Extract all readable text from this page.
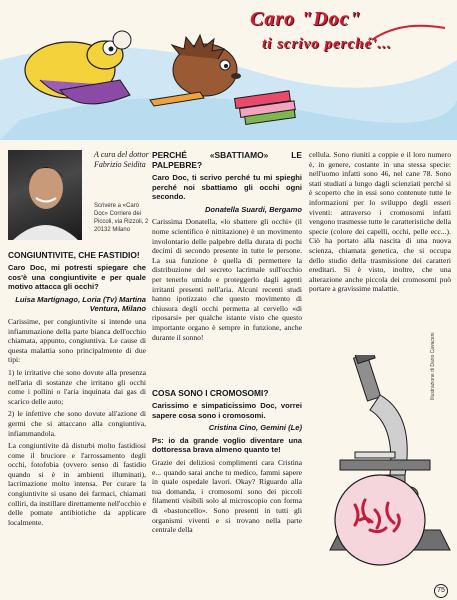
Caro "Doc"
ti scrivo perché'...
A cura del dottor Fabrizio Seidita
Scrivere a «Caro Doc» Corriere dei Piccoli, via Rizzoli, 2
20132 Milano

CONGIUNTIVITE, CHE FASTIDIO!

Caro Doc, mi potresti spiegare che cos'è una congiuntivite e per quale motivo attacca gli occhi?

Luisa Martignago, Loria (Tv) Martina Ventura, Milano

Carissime, per congiuntivite si intende una infiammazione della parte bianca dell'occhio chiamata, appunto, congiuntiva. Le cause di questa malattia sono principalmente di due tipi:

1) le irritative che sono dovute alla presenza nell'aria di sostanze che irritano gli occhi come i pollini o l'aria inquinata dai gas di scarico delle auto;

2) le infettive che sono dovute all'azione di germi che si attaccano alla congiuntiva, infiammandola.

La congiuntivite dà disturbi molto fastidiosi come il bruciore e l'arrossamento degli occhi, fotofobia (ovvero senso di fastidio quando si è in ambienti illuminati), lacrimazione molto intensa. Per curare la congiuntivite si usano dei farmaci, chiamati colliri, da instillare direttamente nell'occhio e delle pomate antibiotiche da applicare localmente.

PERCHÉ «SBATTIAMO» LE PALPEBRE?

Caro Doc, ti scrivo perché tu mi spieghi perché noi sbattiamo gli occhi ogni secondo.

Donatella Suardi, Bergamo

Carissima Donatella, «lo sbattere gli occhi» (il nome scientifico è nittitazione) è un movimento involontario delle palpebre della durata di pochi decimi di secondo presente in tutte le persone. La sua funzione è quella di permettere la distribuzione del secreto lacrimale sull'occhio per tenerlo umido e proteggerlo dagli agenti irritanti presenti nell'aria. Alcuni recenti studi hanno ipotizzato che questo movimento di chiusura degli occhi permetta al cervello «di riposarsi» per qualche istante visto che questo importante organo è sempre in funzione, anche durante il sonno!

COSA SONO I CROMOSOMI?

Carissimo e simpaticissimo Doc, vorrei sapere cosa sono i cromosomi.

Cristina Cino, Gemini (Le)

Ps: io da grande voglio diventare una dottoressa brava almeno quanto te!

Grazie dei deliziosi complimenti cara Cristina e... quando sarai anche tu medico, fammi sapere in quale ospedale lavori. Okay? Riguardo alla tua domanda, i cromosomi sono dei piccoli filamenti visibili solo al microscopio con forma di «bastoncello». Sono presenti in tutti gli organismi viventi e si trovano nella parte centrale della

cellula. Sono riuniti a coppie e il loro numero è, in genere, costante in una stessa specie: nell'uomo infatti sono 46, nel cane 78. Sono stati studiati a lungo dagli scienziati perché si è scoperto che in essi sono contenute tutte le informazioni per lo sviluppo degli esseri viventi: attraverso i cromosomi infatti vengono trasmesse tutte le caratteristiche della specie (colore dei capelli, occhi, pelle ecc...). Ciò ha portato alla nascita di una nuova scienza, chiamata genetica, che si occupa dello studio della trasmissione dei caratteri ereditari. Si è visto, inoltre, che una alterazione anche piccola dei cromosomi può portare a gravissime malattie.

Illustrazione di Dario Cavaceni
75
